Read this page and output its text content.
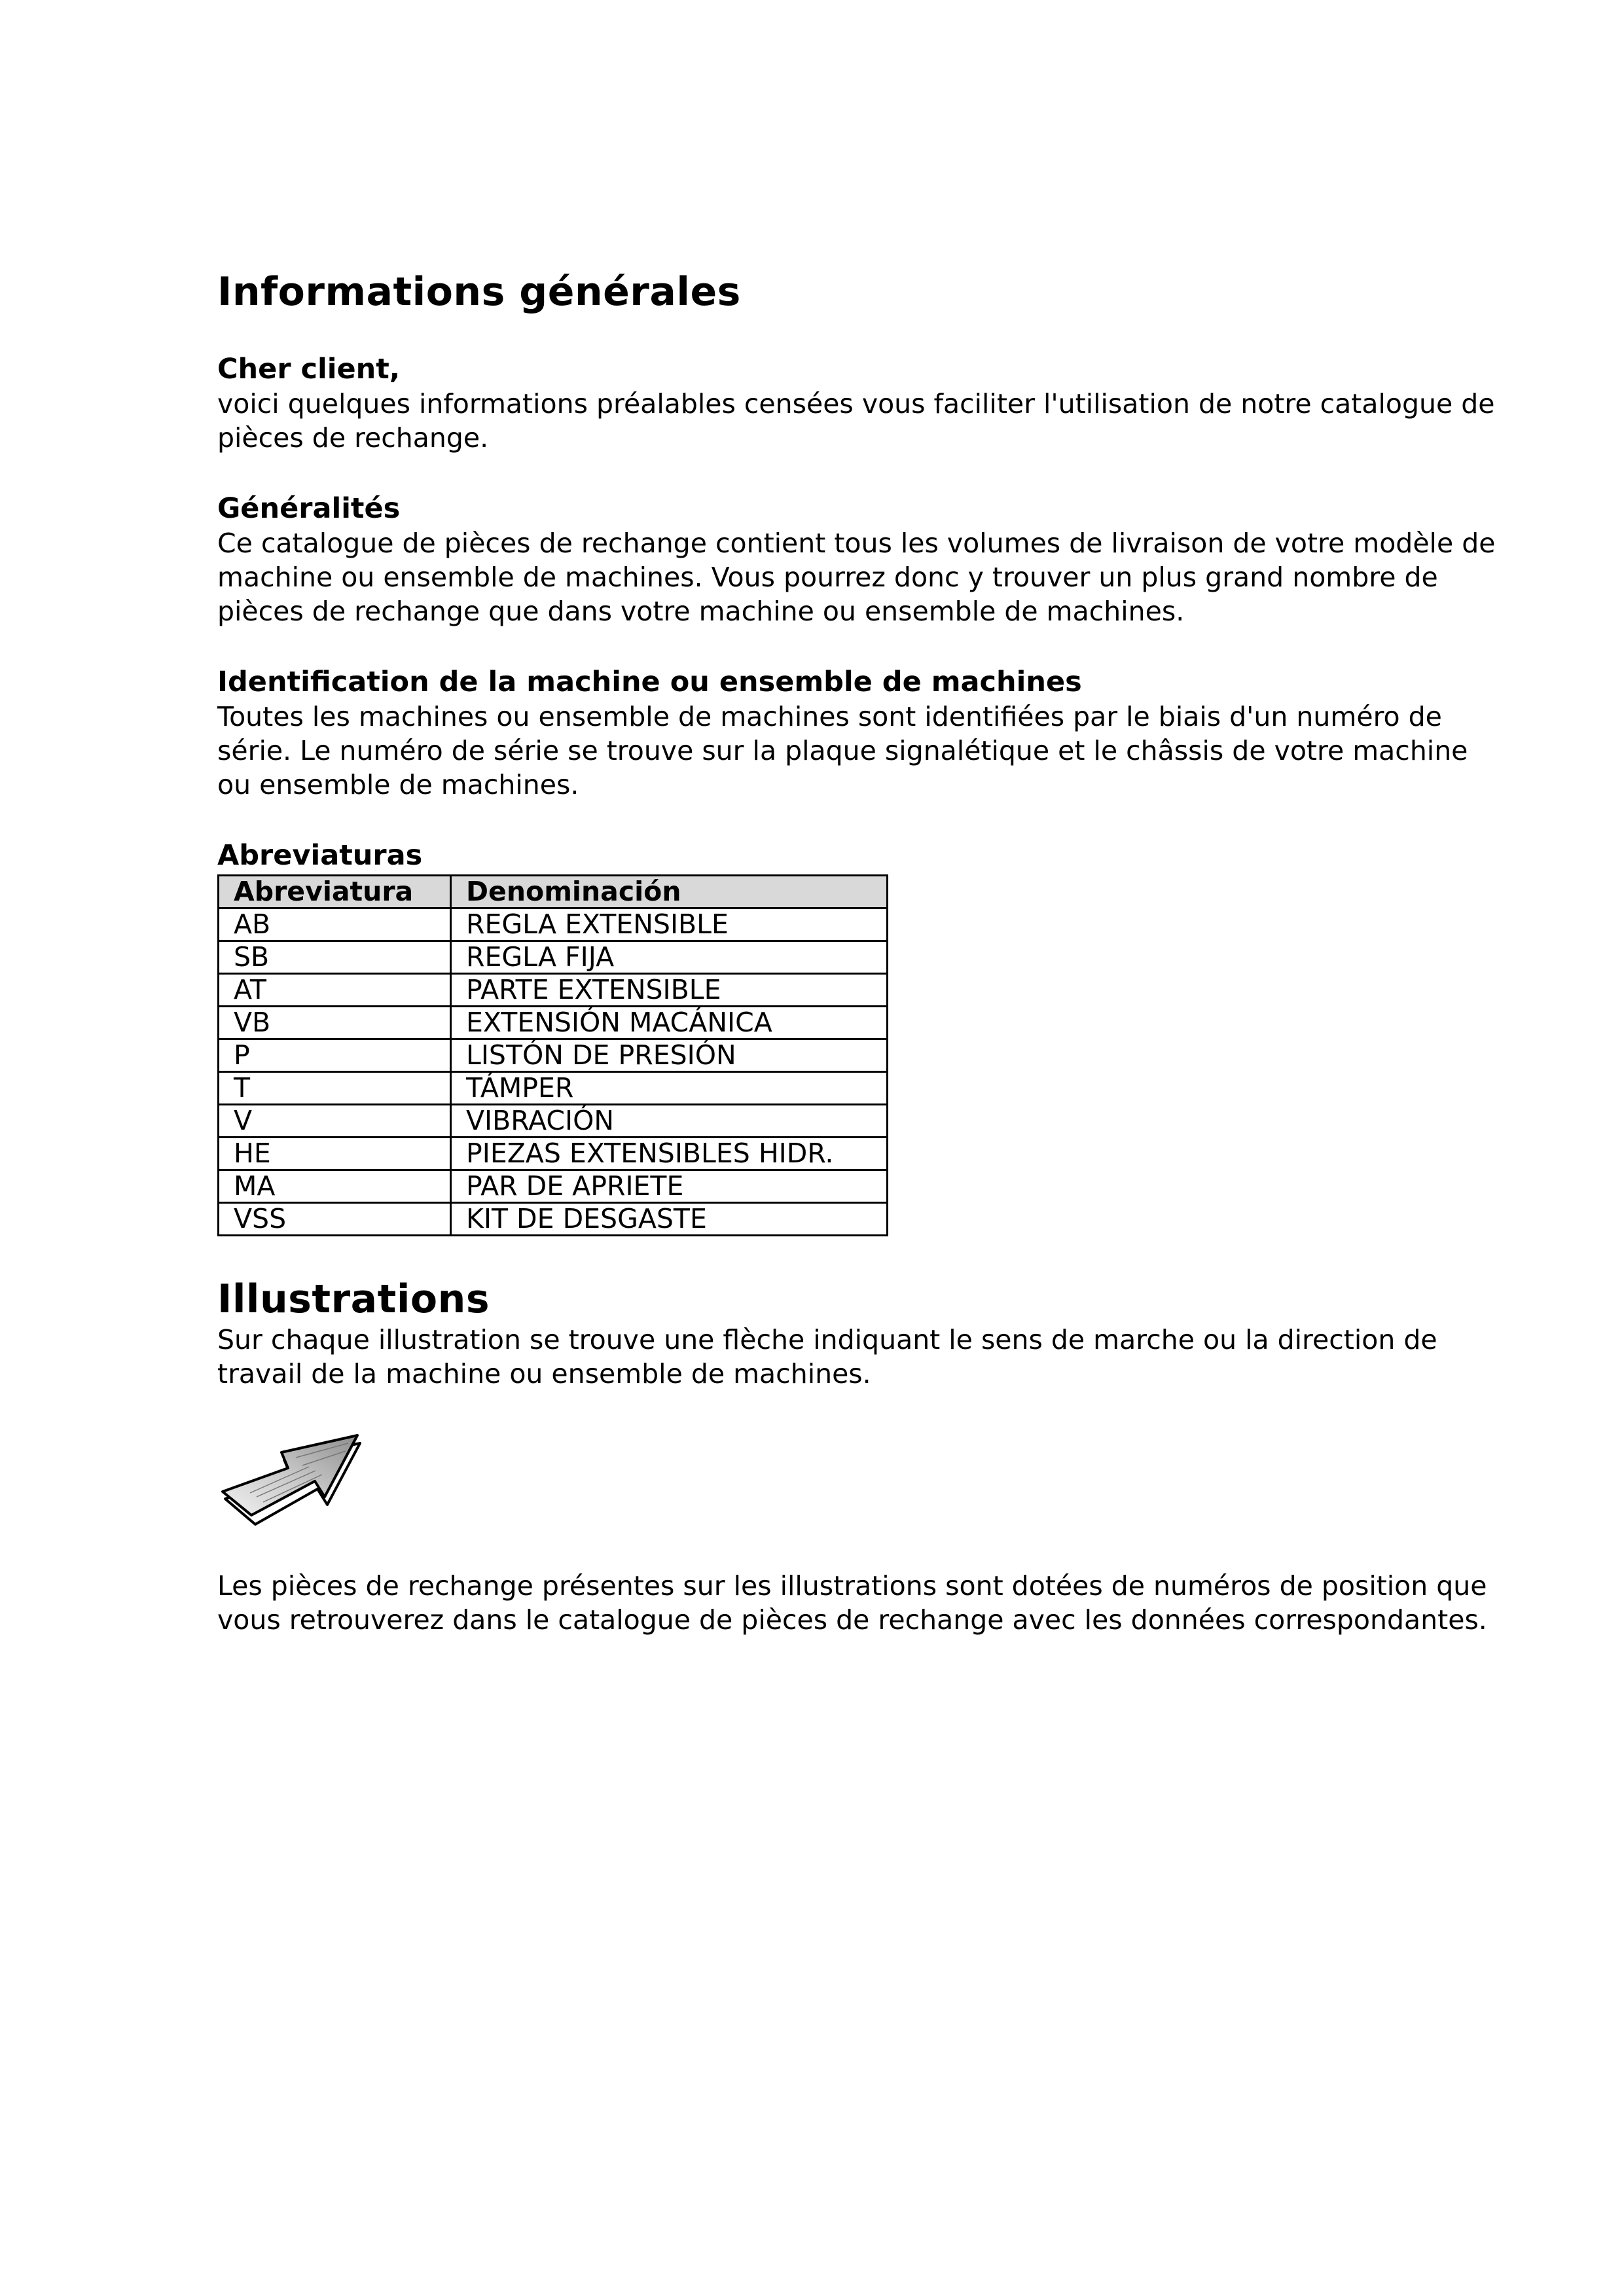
Informations générales
Cher client,

voici quelques informations préalables censées vous faciliter l'utilisation de notre catalogue de pièces de rechange.

Généralités

Ce catalogue de pièces de rechange contient tous les volumes de livraison de votre modèle de machine ou ensemble de machines. Vous pourrez donc y trouver un plus grand nombre de pièces de rechange que dans votre machine ou ensemble de machines.

Identification de la machine ou ensemble de machines

Toutes les machines ou ensemble de machines sont identifiées par le biais d'un numéro de série. Le numéro de série se trouve sur la plaque signalétique et le châssis de votre machine ou ensemble de machines.

Abreviaturas
Abreviatura	Denominación
AB	REGLA EXTENSIBLE
SB	REGLA FIJA
AT	PARTE EXTENSIBLE
VB	EXTENSIÓN MACÁNICA
P	LISTÓN DE PRESIÓN
T	TÁMPER
V	VIBRACIÓN
HE	PIEZAS EXTENSIBLES HIDR.
MA	PAR DE APRIETE
VSS	KIT DE DESGASTE
Illustrations

Sur chaque illustration se trouve une flèche indiquant le sens de marche ou la direction de travail de la machine ou ensemble de machines.

Les pièces de rechange présentes sur les illustrations sont dotées de numéros de position que vous retrouverez dans le catalogue de pièces de rechange avec les données correspondantes.
